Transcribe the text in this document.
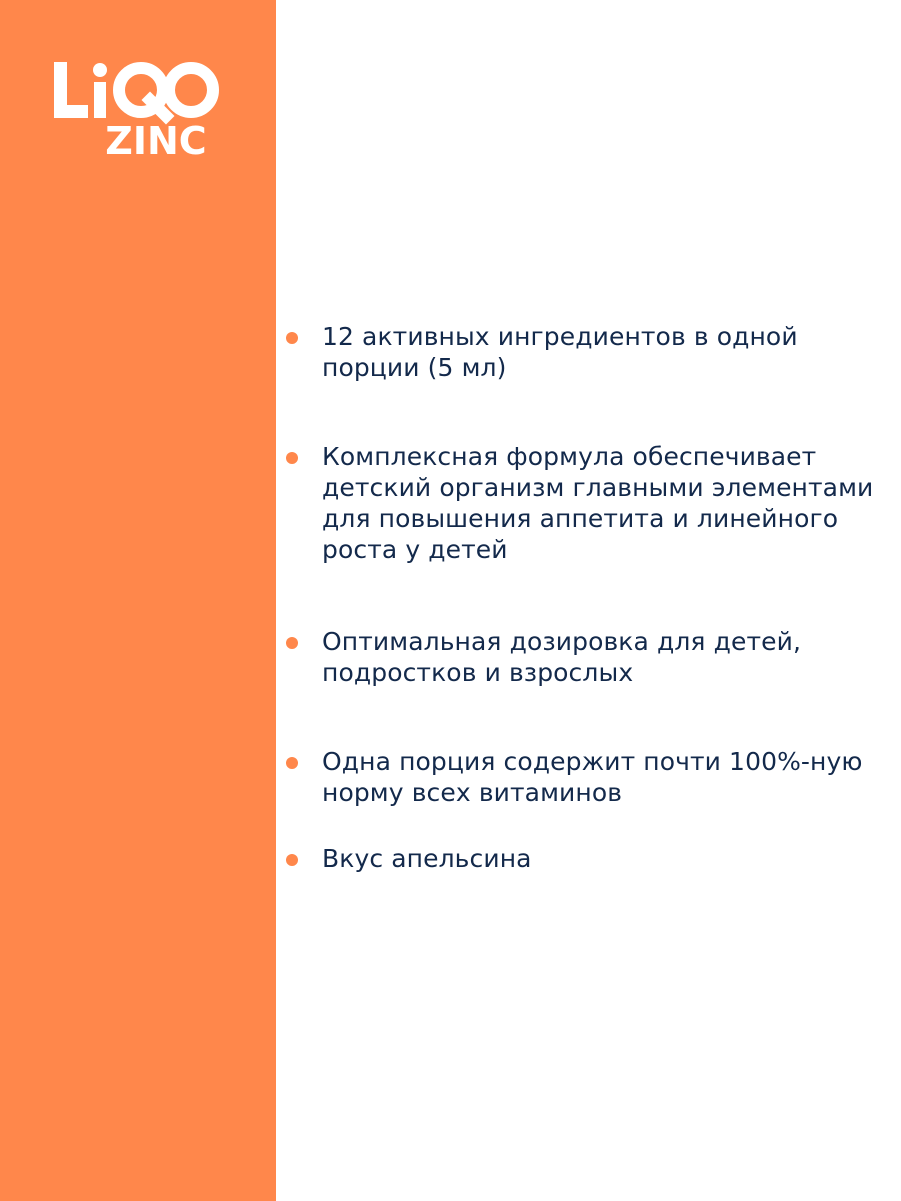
ZINC
12 активных ингредиентов в одной порции (5 мл)
Комплексная формула обеспечивает детский организм главными элементами для повышения аппетита и линейного роста у детей
Оптимальная дозировка для детей, подростков и взрослых
Одна порция содержит почти 100%-ную норму всех витаминов
Вкус апельсина
